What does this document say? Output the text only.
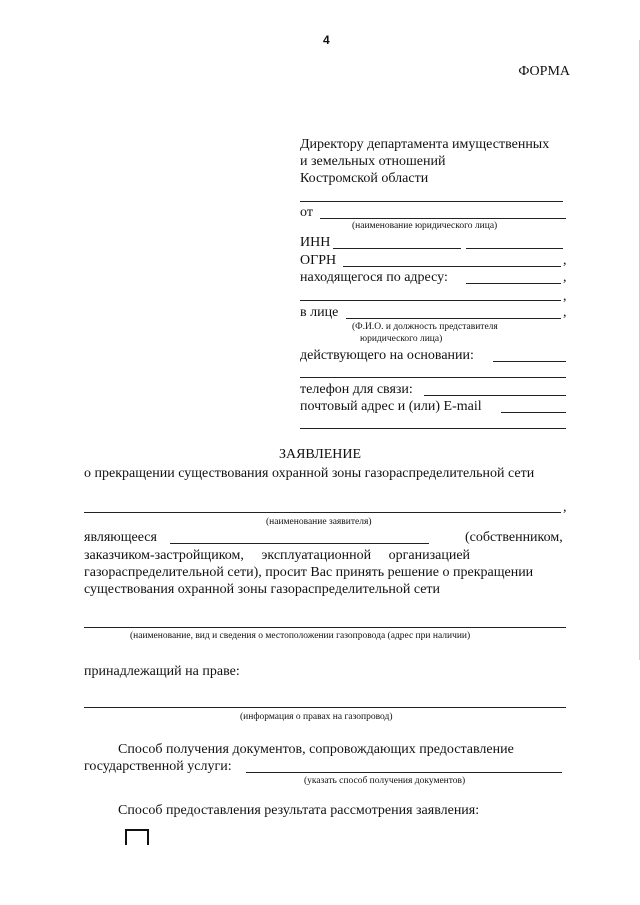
4
ФОРМА
Директору департамента имущественных
и земельных отношений
Костромской области
от
(наименование юридического лица)
ИНН
ОГРН	,
находящегося по адресу:	,
,
в лице	,
(Ф.И.О. и должность представителя
юридического лица)
действующего на основании:
телефон для связи:
почтовый адрес и (или) E-mail
ЗАЯВЛЕНИЕ
о прекращении существования охранной зоны газораспределительной сети
,
(наименование заявителя)
являющееся	(собственником,
заказчиком-застройщиком,     эксплуатационной     организацией
газораспределительной сети), просит Вас принять решение о прекращении
существования охранной зоны газораспределительной сети
(наименование, вид и сведения о местоположении газопровода (адрес при наличии)
принадлежащий на праве:
(информация о правах на газопровод)
Способ получения документов, сопровождающих предоставление
государственной услуги:
(указать способ получения документов)
Способ предоставления результата рассмотрения заявления:
